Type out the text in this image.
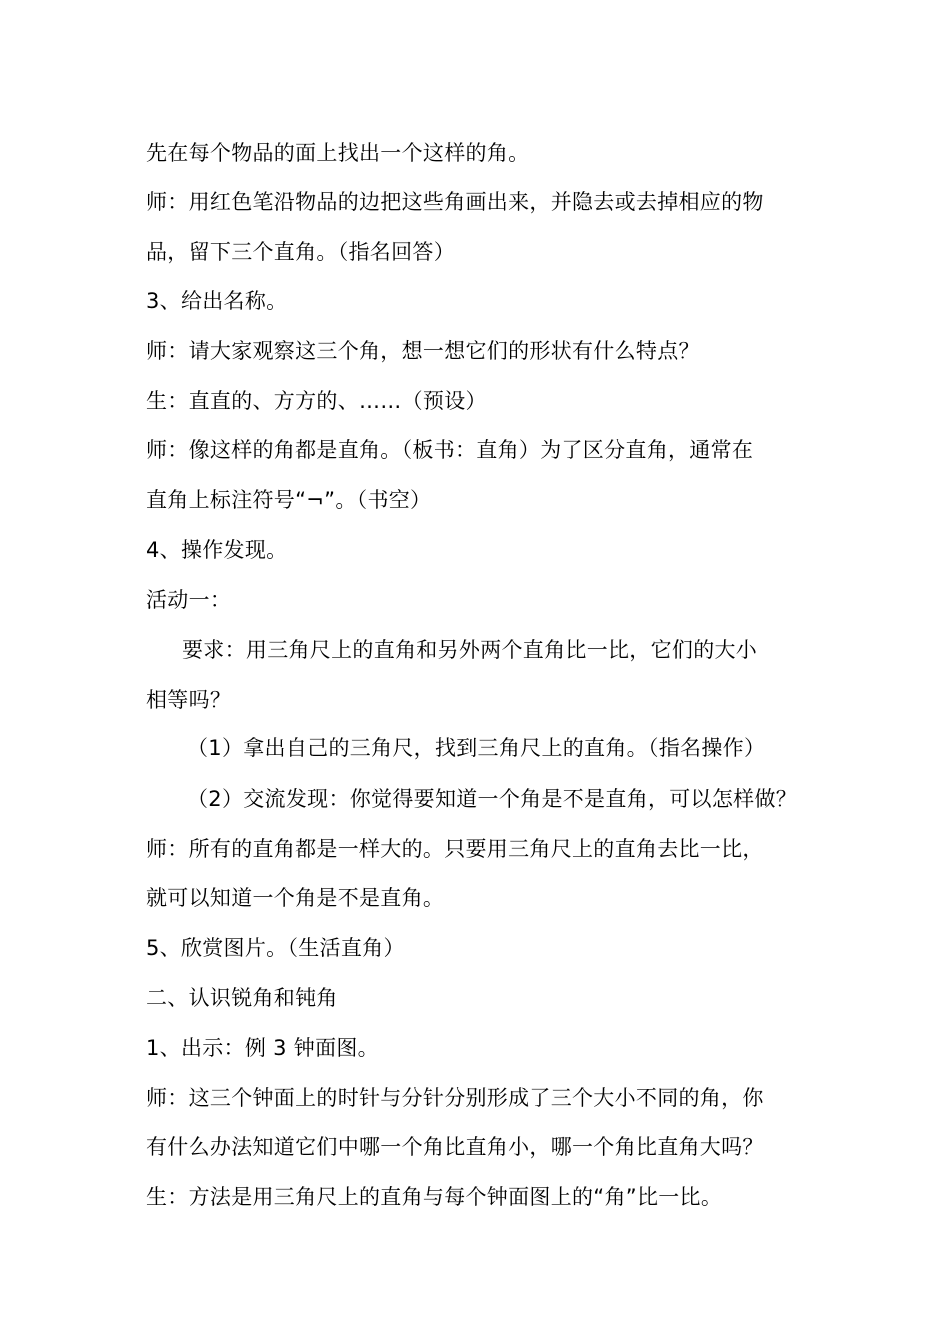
先在每个物品的面上找出一个这样的角。

师：用红色笔沿物品的边把这些角画出来，并隐去或去掉相应的物

品，留下三个直角。（指名回答）

3、给出名称。

师：请大家观察这三个角，想一想它们的形状有什么特点？

生：直直的、方方的、……（预设）

师：像这样的角都是直角。（板书：直角）为了区分直角，通常在

直角上标注符号“¬”。（书空）

4、操作发现。

活动一：

要求：用三角尺上的直角和另外两个直角比一比，它们的大小

相等吗？

（1）拿出自己的三角尺，找到三角尺上的直角。（指名操作）

（2）交流发现：你觉得要知道一个角是不是直角，可以怎样做？

师：所有的直角都是一样大的。只要用三角尺上的直角去比一比，

就可以知道一个角是不是直角。

5、欣赏图片。（生活直角）

二、认识锐角和钝角

1、出示：例 3 钟面图。

师：这三个钟面上的时针与分针分别形成了三个大小不同的角，你

有什么办法知道它们中哪一个角比直角小，哪一个角比直角大吗？

生：方法是用三角尺上的直角与每个钟面图上的“角”比一比。
